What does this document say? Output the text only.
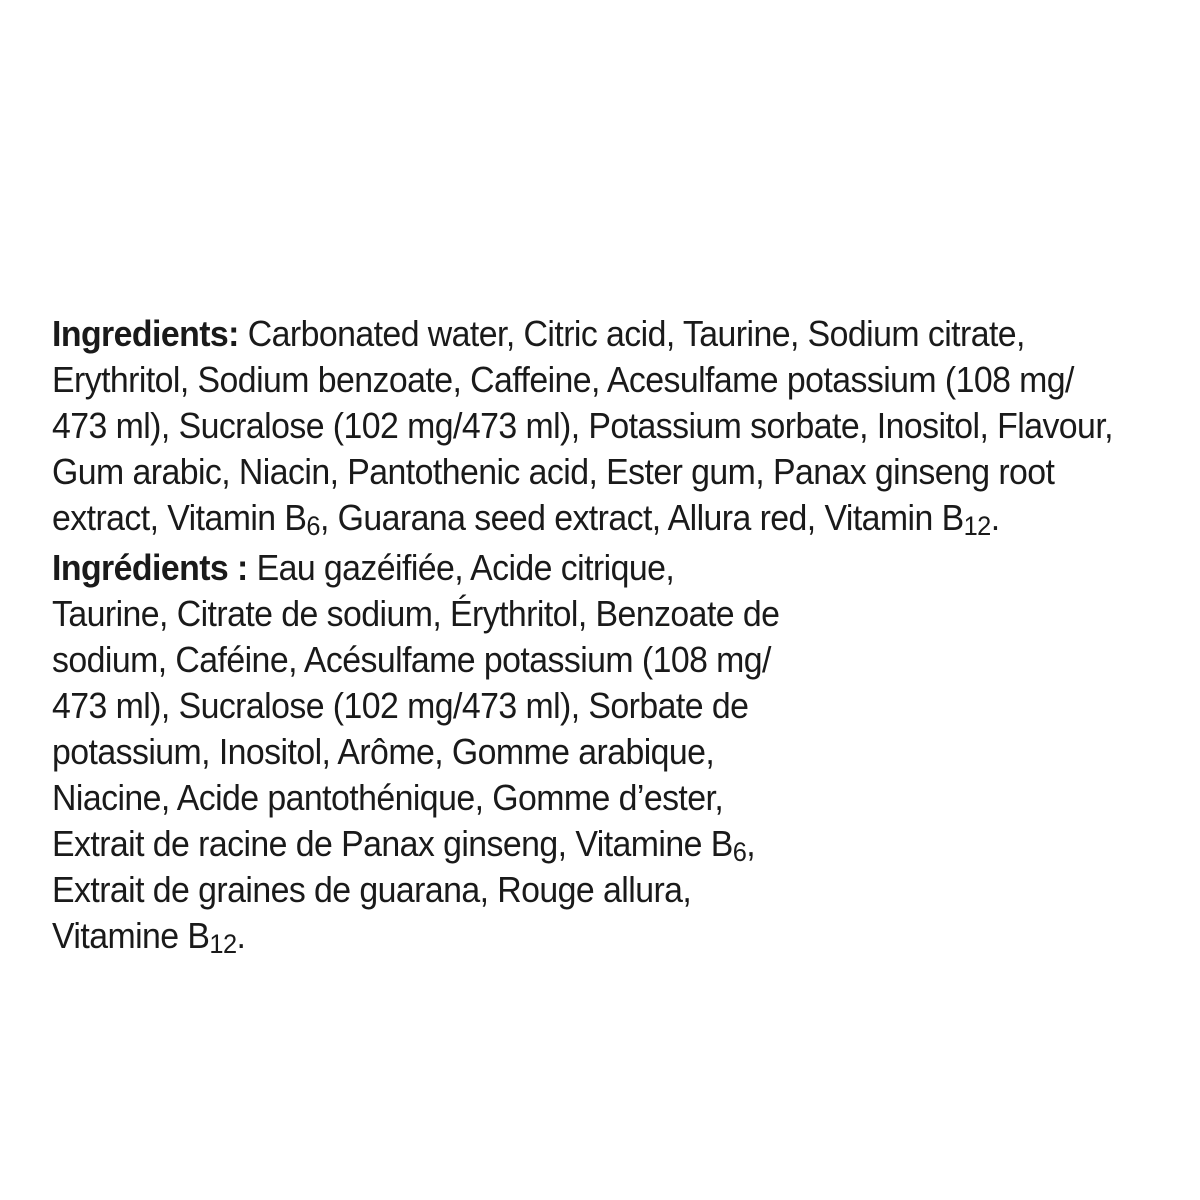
Ingredients: Carbonated water, Citric acid, Taurine, Sodium citrate,
Erythritol, Sodium benzoate, Caffeine, Acesulfame potassium (108 mg/
473 ml), Sucralose (102 mg/473 ml), Potassium sorbate, Inositol, Flavour,
Gum arabic, Niacin, Pantothenic acid, Ester gum, Panax ginseng root
extract, Vitamin B6, Guarana seed extract, Allura red, Vitamin B12.
Ingrédients : Eau gazéifiée, Acide citrique,
Taurine, Citrate de sodium, Érythritol, Benzoate de
sodium, Caféine, Acésulfame potassium (108 mg/
473 ml), Sucralose (102 mg/473 ml), Sorbate de
potassium, Inositol, Arôme, Gomme arabique,
Niacine, Acide pantothénique, Gomme d’ester,
Extrait de racine de Panax ginseng, Vitamine B6,
Extrait de graines de guarana, Rouge allura,
Vitamine B12.
